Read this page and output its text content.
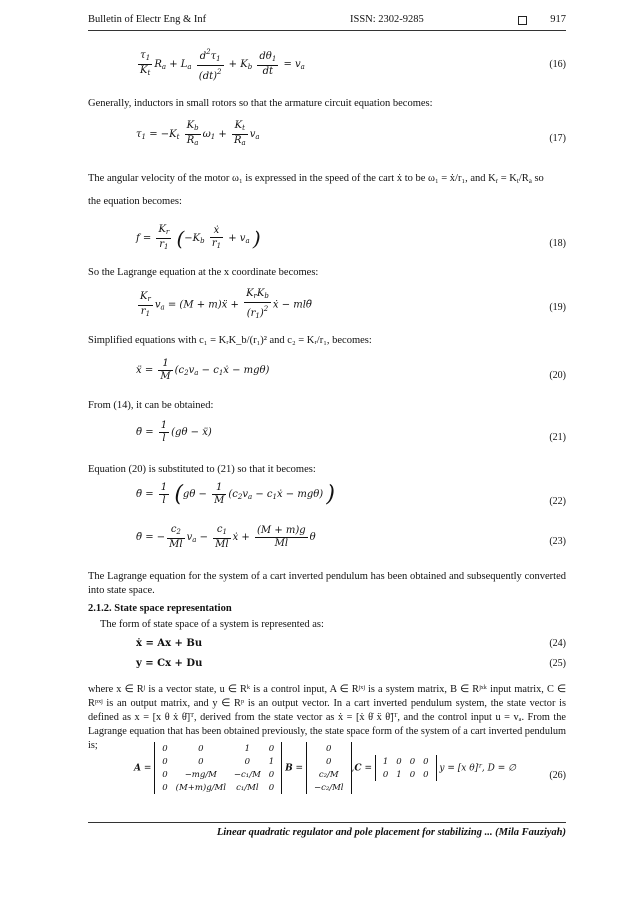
Bulletin of Electr Eng & Inf	ISSN: 2302-9285	917
$\frac{\tau_1}{K_t} R_a + L_a \frac{d^2\tau_1}{(dt)^2} + K_b \frac{d\theta_1}{dt} = v_a$	(16)
Generally, inductors in small rotors so that the armature circuit equation becomes:
$\tau_1 = -K_t \frac{K_b}{R_a} \omega_1 + \frac{K_t}{R_a} v_a$	(17)
The angular velocity of the motor ω₁ is expressed in the speed of the cart ẋ to be ω₁ = ẋ/r₁, and $K_r = K_t/R_a$ so
the equation becomes:
$f = \frac{K_r}{r_1} (-K_b \frac{\text{ẋ}}{r_1} + v_a$ )	(18)
So the Lagrange equation at the x coordinate becomes:
$\frac{K_r}{r_1} v_a = (M$ + m)ẍ + $\frac{K_rK_b}{(r_1)^2}$ ẋ − mlθ̈	(19)
Simplified equations with c₁ = KᵣK_b/(r₁)² and c₂ = Kᵣ/r₁, becomes:
ẍ = $\frac{1}{M} (c_2v_a$ − $c_1ẋ - mg\theta$)	(20)
From (14), it can be obtained:
θ̈ = $\frac{1}{l} (g\theta$ − ẍ)	(21)
Equation (20) is substituted to (21) so that it becomes:
θ̈ = $\frac{1}{l} (g\theta - \frac{1}{M} (c_2v_a$ − $c_1ẋ - mg\theta$) )	(22)
θ̈ = − $\frac{c_2}{Ml} v_a - \frac{c_1}{Ml}$ ẋ + $\frac{(M + m)g}{Ml}$ θ	(23)
The Lagrange equation for the system of a cart inverted pendulum has been obtained and subsequently converted into state space.
2.1.2. State space representation
The form of state space of a system is represented as:
ẋ = Ax + Bu	(24)
y = Cx + Du	(25)
where x ∈ Rʲ is a vector state, u ∈ Rᵏ is a control input, A ∈ Rʲˣʲ is a system matrix, B ∈ Rʲˣᵏ input matrix, C ∈ Rᵖˣʲ is an output matrix, and y ∈ Rᵖ is an output vector. In a cart inverted pendulum system, the state vector is defined as x = [x θ ẋ θ̇]ᵀ, derived from the state vector as ẋ = [ẋ θ̇ ẍ θ̈]ᵀ, and the control input u = vₐ. From the Lagrange equation that has been obtained previously, the state space form of the system of a cart inverted pendulum is;
A =
0	0	1	0
0	0	0	1
0	−mg/M	−c₁/M	0
0	(M+m)g/Ml	c₁/Ml	0
B =
0
0
c₂/M
−c₂/Ml
,C =
1	0	0	0
0	1	0	0
y = [x θ]ᵀ, D = ∅
(26)
Linear quadratic regulator and pole placement for stabilizing ... (Mila Fauziyah)
